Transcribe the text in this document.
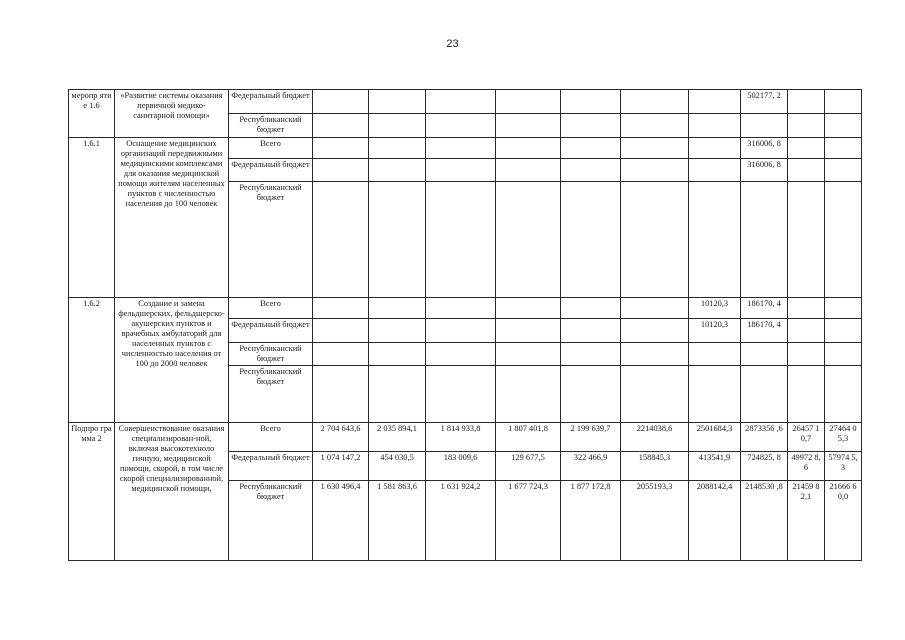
23
меропр ятие 1.6	«Развитие системы оказания первичной медико-санитарной помощи»	Федеральный бюджет								502177, 2		
		Республиканский бюджет										
1.6.1	Оснащение медицинских организаций передвижными медицинскими комплексами для оказания медицинской помощи жителям населенных пунктов с численностью населения до 100 человек	Всего								316006, 8		
		Федеральный бюджет								316006, 8		
		Республиканский бюджет										
1.6.2	Создание и замена фельдшерских, фельдшерско-акушерских пунктов и врачебных амбулаторий для населенных пунктов с численностью населения от 100 до 2000 человек	Всего							10120,3	186170, 4		
		Федеральный бюджет							10120,3	186170, 4		
		Республиканский бюджет										
		Республиканский бюджет										
Подпро грамма 2	Совершенствование оказания специализирован-ной, включая высокотехноло гичную, медицинской помощи, скорой, в том числе скорой специализированной, медицинской помощи,	Всего	2 704 643,6	2 035 894,1	1 814 933,8	1 807 401,8	2 199 639,7	2214038,6	2501684,3	2873356 ,6	26457 10,7	27464 05,3
		Федеральный бюджет	1 074 147,2	454 030,5	183 009,6	129 677,5	322 466,9	158845,3	413541,9	724825, 8	49972 8,6	57974 5,3
		Республиканский бюджет	1 630 496,4	1 581 863,6	1 631 924,2	1 677 724,3	1 877 172,8	2055193,3	2088142,4	2148530 ,8	21459 82,1	21666 60,0
